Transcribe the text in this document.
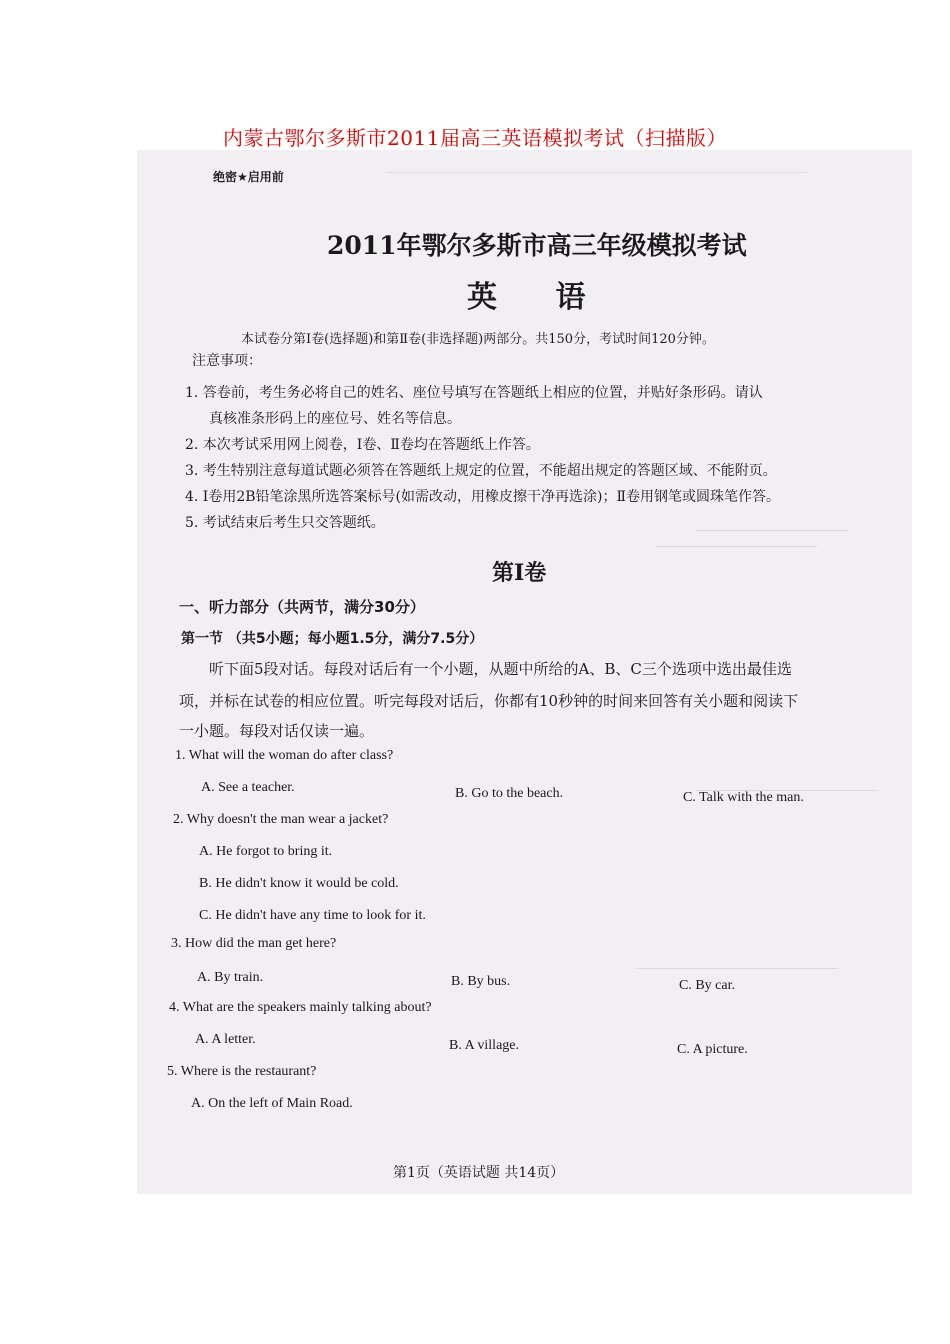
内蒙古鄂尔多斯市2011届高三英语模拟考试（扫描版）
绝密★启用前
2011年鄂尔多斯市高三年级模拟考试
英 语
本试卷分第Ⅰ卷(选择题)和第Ⅱ卷(非选择题)两部分。共150分，考试时间120分钟。
注意事项：
1. 答卷前，考生务必将自己的姓名、座位号填写在答题纸上相应的位置，并贴好条形码。请认
真核准条形码上的座位号、姓名等信息。
2. 本次考试采用网上阅卷，Ⅰ卷、Ⅱ卷均在答题纸上作答。
3. 考生特别注意每道试题必须答在答题纸上规定的位置，不能超出规定的答题区域、不能附页。
4. Ⅰ卷用2B铅笔涂黑所选答案标号(如需改动，用橡皮擦干净再选涂)；Ⅱ卷用钢笔或圆珠笔作答。
5. 考试结束后考生只交答题纸。
第Ⅰ卷
一、听力部分（共两节，满分30分）
第一节 （共5小题；每小题1.5分，满分7.5分）
听下面5段对话。每段对话后有一个小题，从题中所给的A、B、C三个选项中选出最佳选
项，并标在试卷的相应位置。听完每段对话后，你都有10秒钟的时间来回答有关小题和阅读下
一小题。每段对话仅读一遍。
1. What will the woman do after class?
A. See a teacher.	B. Go to the beach.	C. Talk with the man.
2. Why doesn't the man wear a jacket?
A. He forgot to bring it.
B. He didn't know it would be cold.
C. He didn't have any time to look for it.
3. How did the man get here?
A. By train.	B. By bus.	C. By car.
4. What are the speakers mainly talking about?
A. A letter.	B. A village.	C. A picture.
5. Where is the restaurant?
A. On the left of Main Road.
第1页（英语试题 共14页）
